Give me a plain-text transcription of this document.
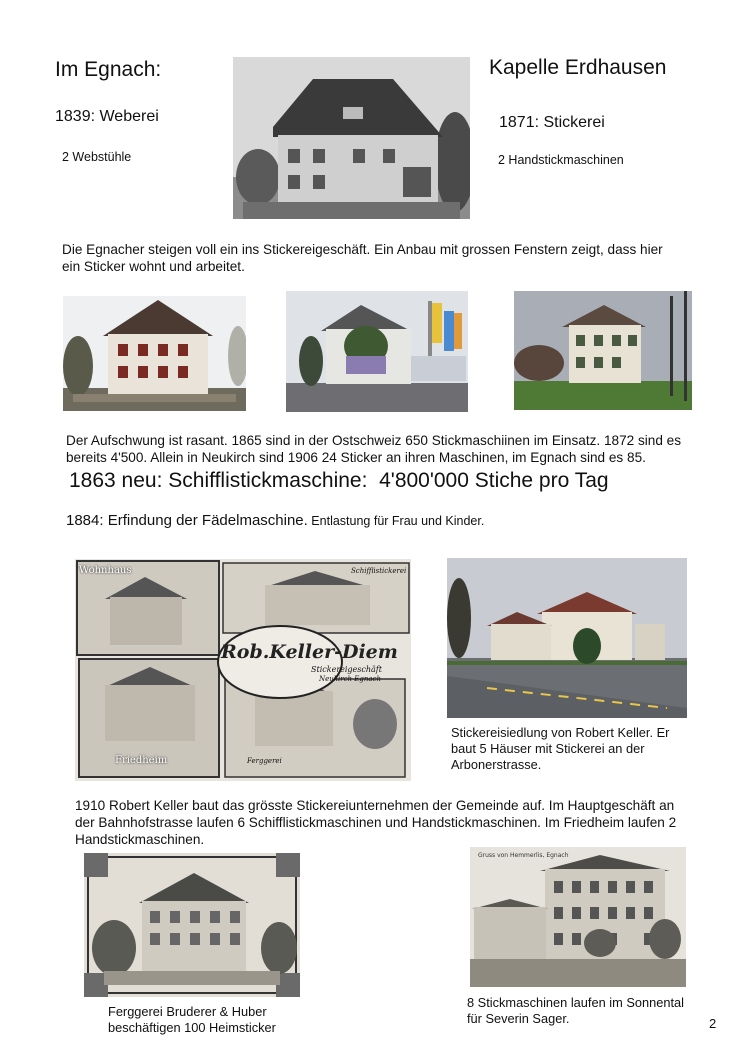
Im Egnach:
1839: Weberei
2 Webstühle
Kapelle Erdhausen
1871: Stickerei
2 Handstickmaschinen
Die Egnacher steigen voll ein ins Stickereigeschäft. Ein Anbau mit grossen Fenstern zeigt, dass hier ein Sticker wohnt und arbeitet.
Der Aufschwung ist rasant. 1865 sind in der Ostschweiz 650 Stickmaschiinen im Einsatz. 1872 sind es bereits 4'500. Allein in Neukirch sind 1906 24 Sticker an ihren Maschinen, im Egnach sind es 85.
1863 neu: Schifflistickmaschine: 4'800'000 Stiche pro Tag
1884: Erfindung der Fädelmaschine. Entlastung für Frau und Kinder.
Wohnhaus	Schifflistickerei
Rob.Keller-Diem
Stickereigeschäft
Neukirch Egnach
Friedheim	Ferggerei
Stickereisiedlung von Robert Keller. Er baut 5 Häuser mit Stickerei an der Arbonerstrasse.
1910 Robert Keller baut das grösste Stickereiunternehmen der Gemeinde auf. Im Hauptgeschäft an der Bahnhofstrasse laufen 6 Schifflistickmaschinen und Handstickmaschinen. Im Friedheim laufen 2 Handstickmaschinen.
Ferggerei Bruderer & Huber beschäftigen 100 Heimsticker
Gruss von Hemmerlis, Egnach
8 Stickmaschinen laufen im Sonnental für Severin Sager.	2
